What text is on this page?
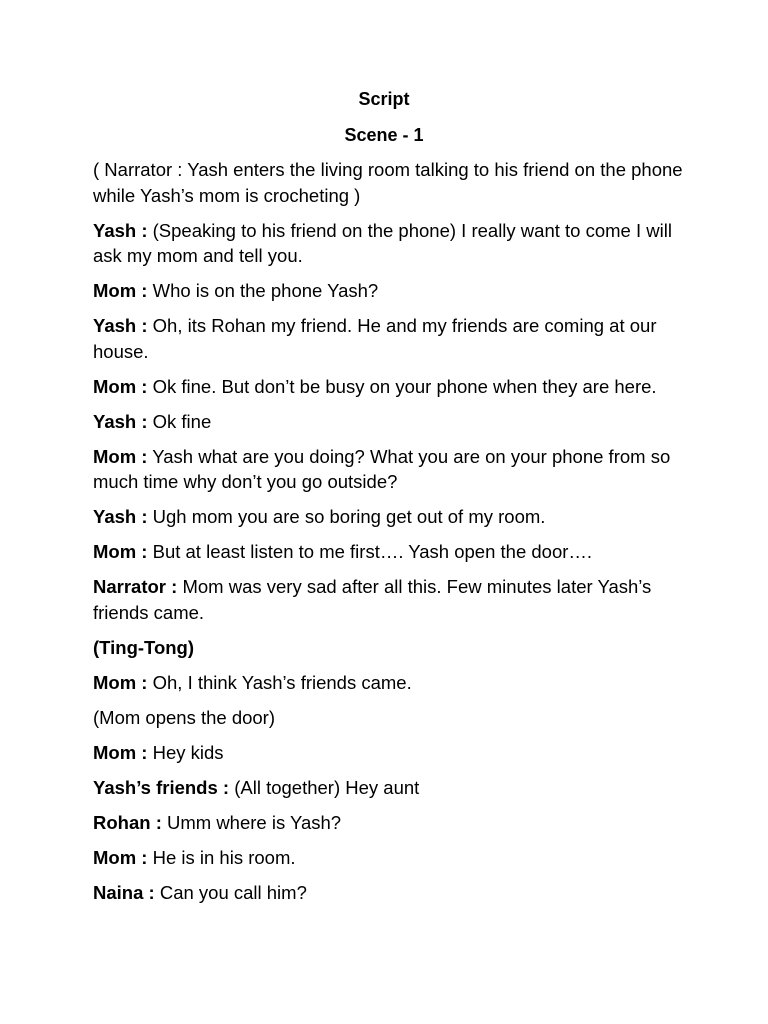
Script
Scene - 1

( Narrator : Yash enters the living room talking to his friend on the phone while Yash’s mom is crocheting )

Yash : (Speaking to his friend on the phone) I really want to come I will ask my mom and tell you.

Mom : Who is on the phone Yash?

Yash : Oh, its Rohan my friend. He and my friends are coming at our house.

Mom : Ok fine. But don’t be busy on your phone when they are here.

Yash : Ok fine

Mom : Yash what are you doing? What you are on your phone from so much time why don’t you go outside?

Yash : Ugh mom you are so boring get out of my room.

Mom : But at least listen to me first…. Yash open the door….

Narrator : Mom was very sad after all this. Few minutes later Yash’s friends came.

(Ting-Tong)

Mom : Oh, I think Yash’s friends came.

(Mom opens the door)

Mom : Hey kids

Yash’s friends : (All together) Hey aunt

Rohan : Umm where is Yash?

Mom : He is in his room.

Naina : Can you call him?
